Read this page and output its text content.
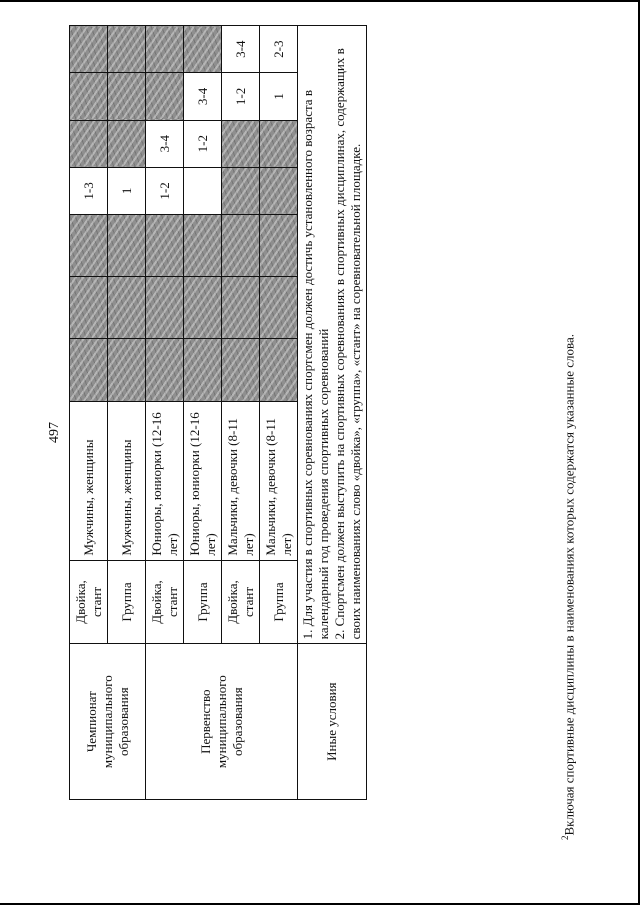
497
Чемпионат муниципального образования	Двойка, стант	Мужчины, женщины				1-3			
	Группа	Мужчины, женщины				1			
Первенство муниципального образования	Двойка, стант	Юниоры, юниорки (12-16 лет)				1-2	3-4		
	Группа	Юниоры, юниорки (12-16 лет)					1-2	3-4	
	Двойка, стант	Мальчики, девочки (8-11 лет)						1-2	3-4
	Группа	Мальчики, девочки (8-11 лет)						1	2-3
Иные условия	1. Для участия в спортивных соревнованиях спортсмен должен достичь установленного возраста в календарный год проведения спортивных соревнований 2. Спортсмен должен выступить на спортивных соревнованиях в спортивных дисциплинах, содержащих в своих наименованиях слово «двойка», «группа», «стант» на соревновательной площадке.								
$^2$Включая спортивные дисциплины в наименованиях которых содержатся указанные слова.
